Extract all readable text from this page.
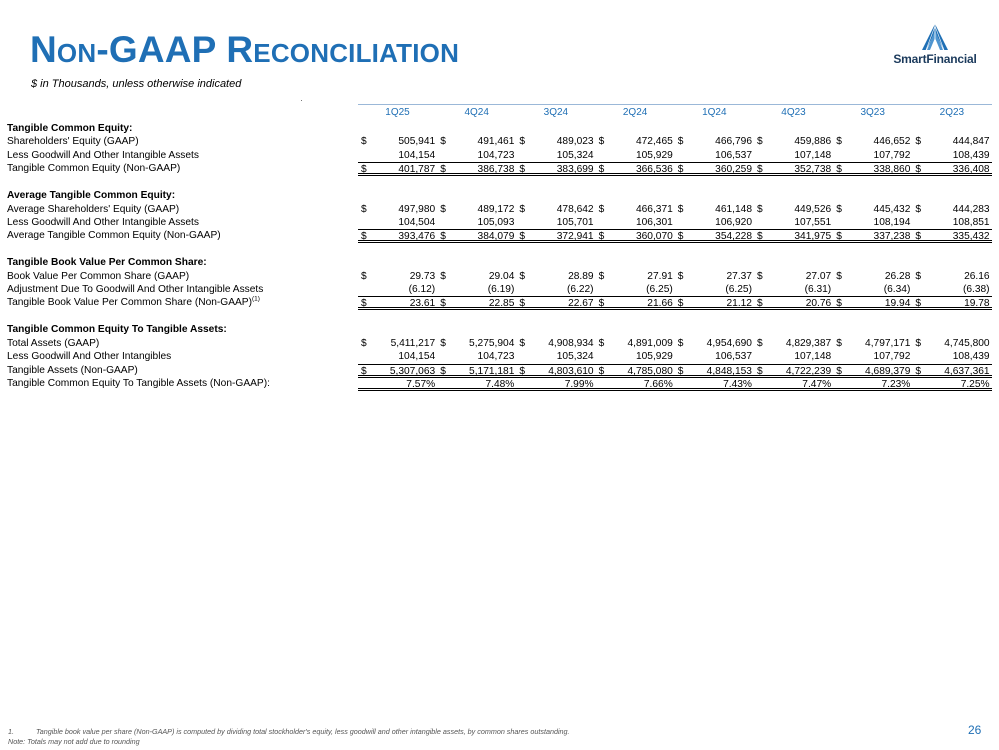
Non-GAAP Reconciliation
$ in Thousands, unless otherwise indicated
SmartFinancial
1Q25	4Q24	3Q24	2Q24	1Q24	4Q23	3Q23	2Q23
Tangible Common Equity:
Shareholders' Equity (GAAP)	$	505,941 $	491,461 $	489,023 $	472,465 $	466,796 $	459,886 $	446,652 $	444,847
Less Goodwill And Other Intangible Assets	104,154	104,723	105,324	105,929	106,537	107,148	107,792	108,439
Tangible Common Equity (Non-GAAP)	$	401,787 $	386,738 $	383,699 $	366,536 $	360,259 $	352,738 $	338,860 $	336,408
Average Tangible Common Equity:
Average Shareholders' Equity (GAAP)	$	497,980 $	489,172 $	478,642 $	466,371 $	461,148 $	449,526 $	445,432 $	444,283
Less Goodwill And Other Intangible Assets	104,504	105,093	105,701	106,301	106,920	107,551	108,194	108,851
Average Tangible Common Equity (Non-GAAP)	$	393,476 $	384,079 $	372,941 $	360,070 $	354,228 $	341,975 $	337,238 $	335,432
Tangible Book Value Per Common Share:
Book Value Per Common Share (GAAP)	$	29.73 $	29.04 $	28.89 $	27.91 $	27.37 $	27.07 $	26.28 $	26.16
Adjustment Due To Goodwill And Other Intangible Assets	(6.12)	(6.19)	(6.22)	(6.25)	(6.25)	(6.31)	(6.34)	(6.38)
Tangible Book Value Per Common Share (Non-GAAP)$^{(1)}$	$	23.61 $	22.85 $	22.67 $	21.66 $	21.12 $	20.76 $	19.94 $	19.78
Tangible Common Equity To Tangible Assets:
Total Assets (GAAP)	$ 5,411,217 $ 5,275,904 $ 4,908,934 $ 4,891,009 $ 4,954,690 $ 4,829,387 $ 4,797,171 $ 4,745,800
Less Goodwill And Other Intangibles	104,154	104,723	105,324	105,929	106,537	107,148	107,792	108,439
Tangible Assets (Non-GAAP)	$ 5,307,063 $ 5,171,181 $ 4,803,610 $ 4,785,080 $ 4,848,153 $ 4,722,239 $ 4,689,379 $ 4,637,361
Tangible Common Equity To Tangible Assets (Non-GAAP):	7.57%	7.48%	7.99%	7.66%	7.43%	7.47%	7.23%	7.25%
1.	Tangible book value per share (Non-GAAP) is computed by dividing total stockholder's equity, less goodwill and other intangible assets, by common shares outstanding.
Note: Totals may not add due to rounding
26
